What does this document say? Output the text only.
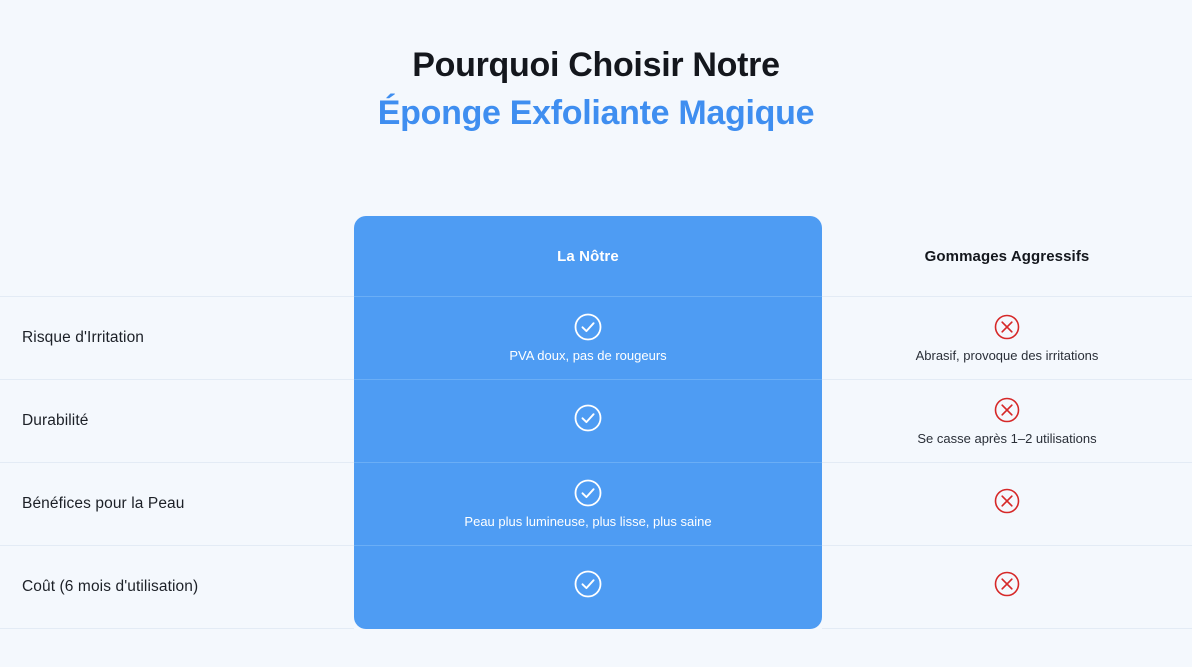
Pourquoi Choisir Notre
Éponge Exfoliante Magique
	La Nôtre	Gommages Aggressifs
Risque d'Irritation	PVA doux, pas de rougeurs	Abrasif, provoque des irritations

Durabilité		Se casse après 1–2 utilisations

Bénéfices pour la Peau	Peau plus lumineuse, plus lisse, plus saine

Coût (6 mois d'utilisation)	
